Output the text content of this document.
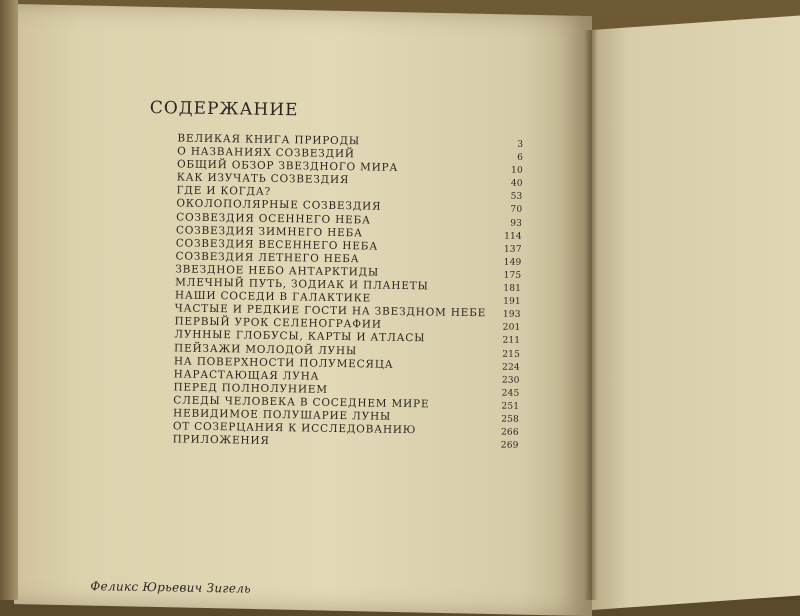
СОДЕРЖАНИЕ
ВЕЛИКАЯ КНИГА ПРИРОДЫ	3
О НАЗВАНИЯХ СОЗВЕЗДИЙ	6
ОБЩИЙ ОБЗОР ЗВЕЗДНОГО МИРА	10
КАК ИЗУЧАТЬ СОЗВЕЗДИЯ	40
ГДЕ И КОГДА?	53
ОКОЛОПОЛЯРНЫЕ СОЗВЕЗДИЯ	70
СОЗВЕЗДИЯ ОСЕННЕГО НЕБА	93
СОЗВЕЗДИЯ ЗИМНЕГО НЕБА	114
СОЗВЕЗДИЯ ВЕСЕННЕГО НЕБА	137
СОЗВЕЗДИЯ ЛЕТНЕГО НЕБА	149
ЗВЕЗДНОЕ НЕБО АНТАРКТИДЫ	175
МЛЕЧНЫЙ ПУТЬ, ЗОДИАК И ПЛАНЕТЫ	181
НАШИ СОСЕДИ В ГАЛАКТИКЕ	191
ЧАСТЫЕ И РЕДКИЕ ГОСТИ НА ЗВЕЗДНОМ НЕБЕ 193
ПЕРВЫЙ УРОК СЕЛЕНОГРАФИИ	201
ЛУННЫЕ ГЛОБУСЫ, КАРТЫ И АТЛАСЫ	211
ПЕЙЗАЖИ МОЛОДОЙ ЛУНЫ	215
НА ПОВЕРХНОСТИ ПОЛУМЕСЯЦА	224
НАРАСТАЮЩАЯ ЛУНА	230
ПЕРЕД ПОЛНОЛУНИЕМ	245
СЛЕДЫ ЧЕЛОВЕКА В СОСЕДНЕМ МИРЕ	251
НЕВИДИМОЕ ПОЛУШАРИЕ ЛУНЫ	258
ОТ СОЗЕРЦАНИЯ К ИССЛЕДОВАНИЮ	266
ПРИЛОЖЕНИЯ	269
Феликс Юрьевич Зигель
